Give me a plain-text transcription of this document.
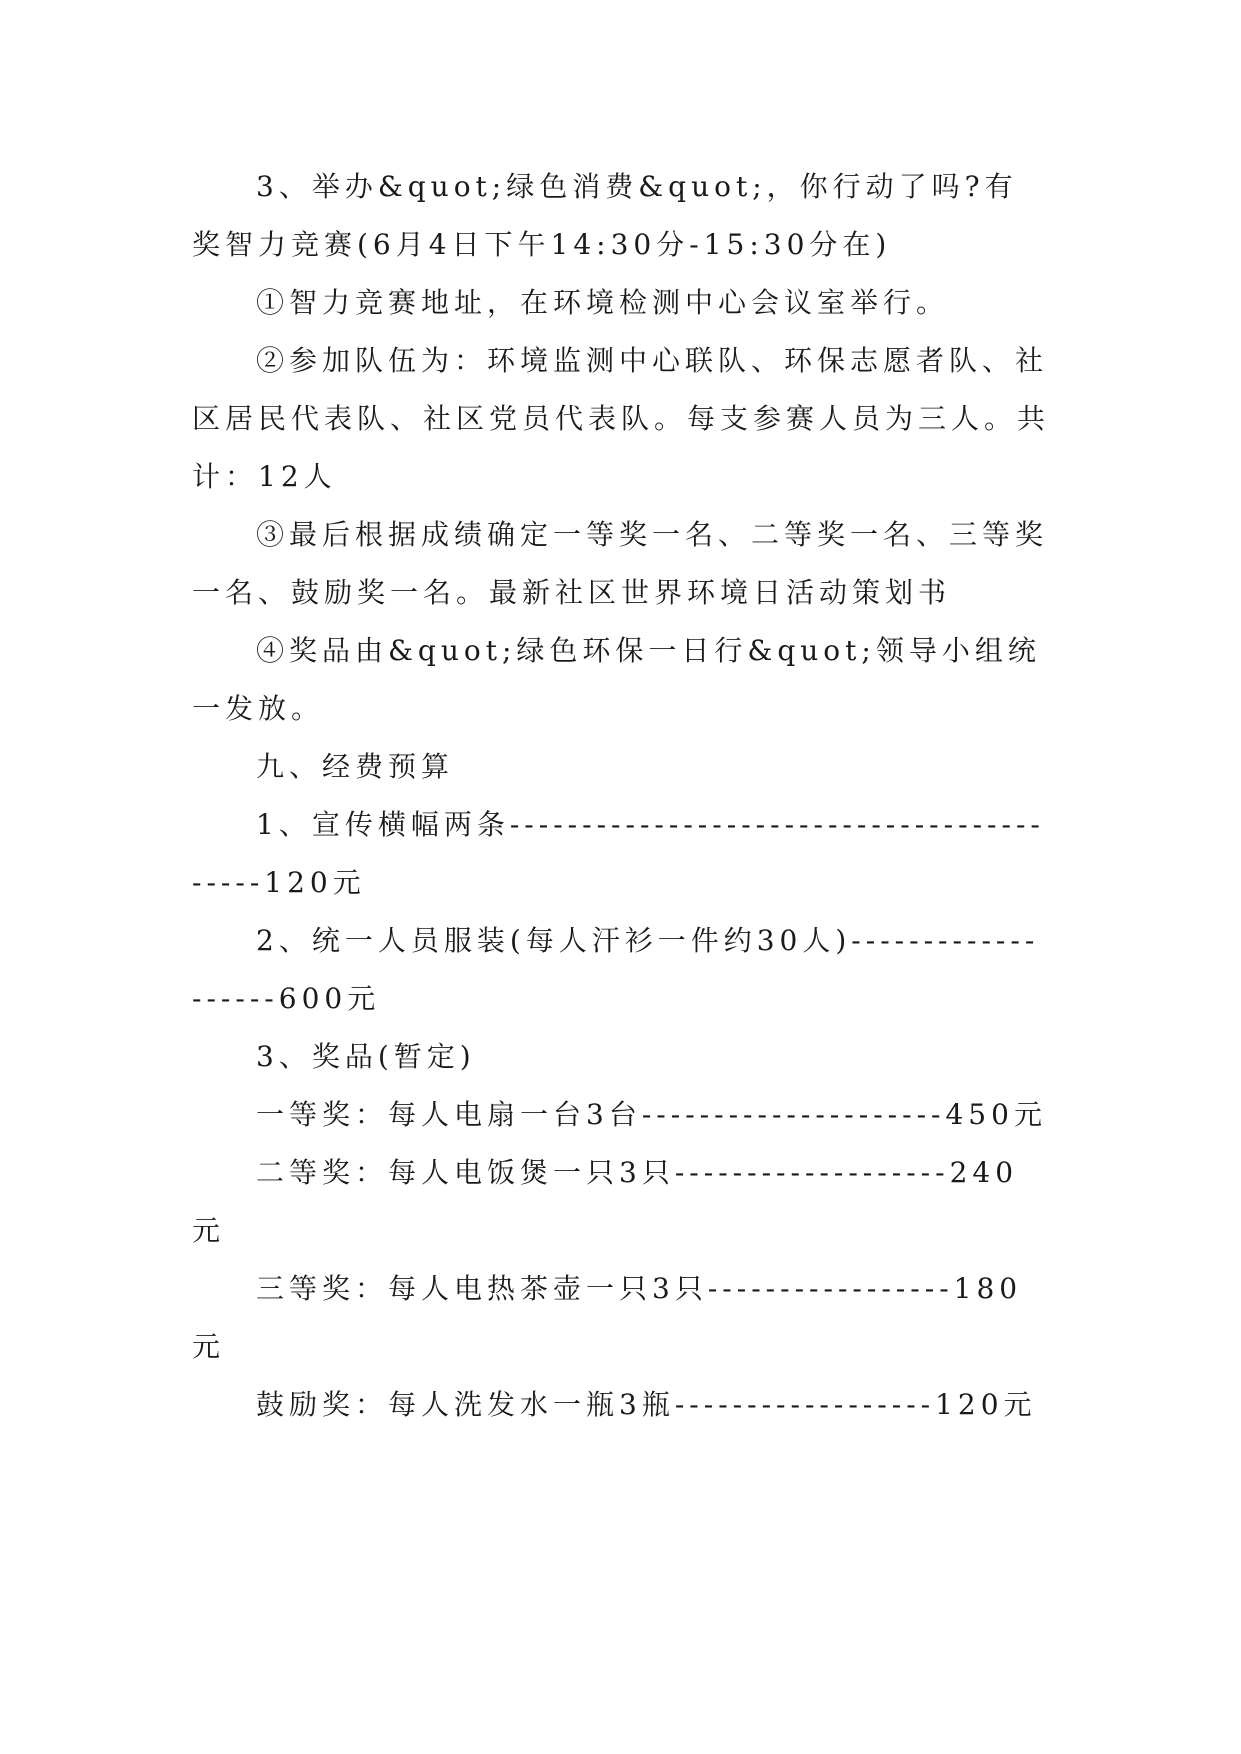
3、举办&quot;绿色消费&quot;，你行动了吗?有奖智力竞赛(6月4日下午14:30分-15:30分在)

①智力竞赛地址，在环境检测中心会议室举行。

②参加队伍为：环境监测中心联队、环保志愿者队、社区居民代表队、社区党员代表队。每支参赛人员为三人。共计：12人

③最后根据成绩确定一等奖一名、二等奖一名、三等奖一名、鼓励奖一名。最新社区世界环境日活动策划书

④奖品由&quot;绿色环保一日行&quot;领导小组统一发放。

九、经费预算

1、宣传横幅两条------------------------------------------120元

2、统一人员服装(每人汗衫一件约30人)-------------------600元

3、奖品(暂定)

一等奖：每人电扇一台3台---------------------450元

二等奖：每人电饭煲一只3只-------------------240元

三等奖：每人电热茶壶一只3只-----------------180元

鼓励奖：每人洗发水一瓶3瓶------------------120元
